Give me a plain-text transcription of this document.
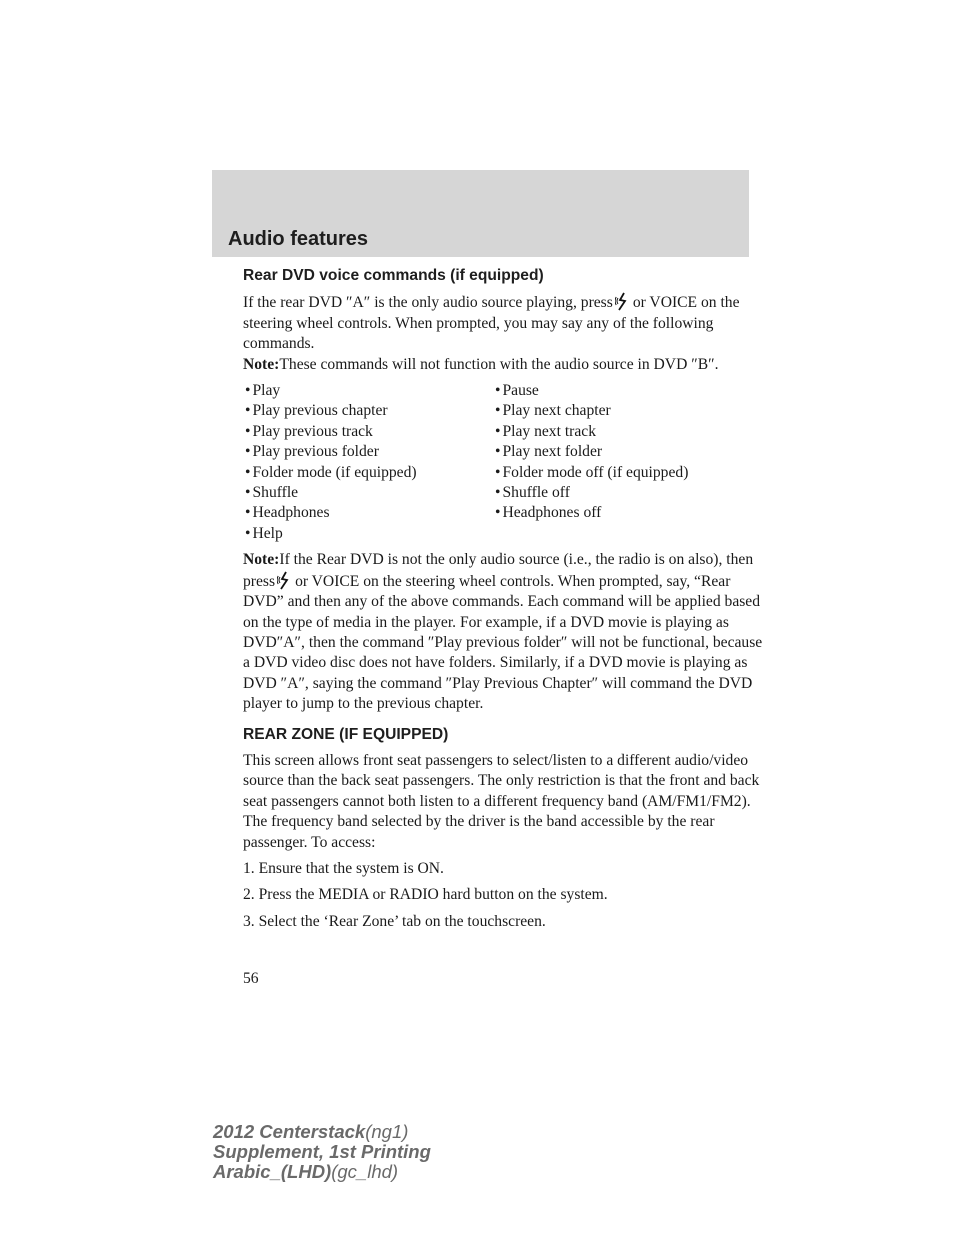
Audio features

Rear DVD voice commands (if equipped)

If the rear DVD ″A″ is the only audio source playing, press or VOICE on the steering wheel controls. When prompted, you may say any of the following commands.

Note:These commands will not function with the audio source in DVD ″B″.

• Play	• Pause
• Play previous chapter	• Play next chapter
• Play previous track	• Play next track
• Play previous folder	• Play next folder
• Folder mode (if equipped)	• Folder mode off (if equipped)
• Shuffle	• Shuffle off
• Headphones	• Headphones off
• Help

Note:If the Rear DVD is not the only audio source (i.e., the radio is on also), then press or VOICE on the steering wheel controls. When prompted, say, “Rear DVD” and then any of the above commands. Each command will be applied based on the type of media in the player. For example, if a DVD movie is playing as DVD″A″, then the command ″Play previous folder″ will not be functional, because a DVD video disc does not have folders. Similarly, if a DVD movie is playing as DVD ″A″, saying the command ″Play Previous Chapter″ will command the DVD player to jump to the previous chapter.

REAR ZONE (IF EQUIPPED)

This screen allows front seat passengers to select/listen to a different audio/video source than the back seat passengers. The only restriction is that the front and back seat passengers cannot both listen to a different frequency band (AM/FM1/FM2). The frequency band selected by the driver is the band accessible by the rear passenger. To access:

1. Ensure that the system is ON.

2. Press the MEDIA or RADIO hard button on the system.

3. Select the ‘Rear Zone’ tab on the touchscreen.

56
2012 Centerstack(ng1)
Supplement, 1st Printing
Arabic_(LHD)(gc_lhd)
